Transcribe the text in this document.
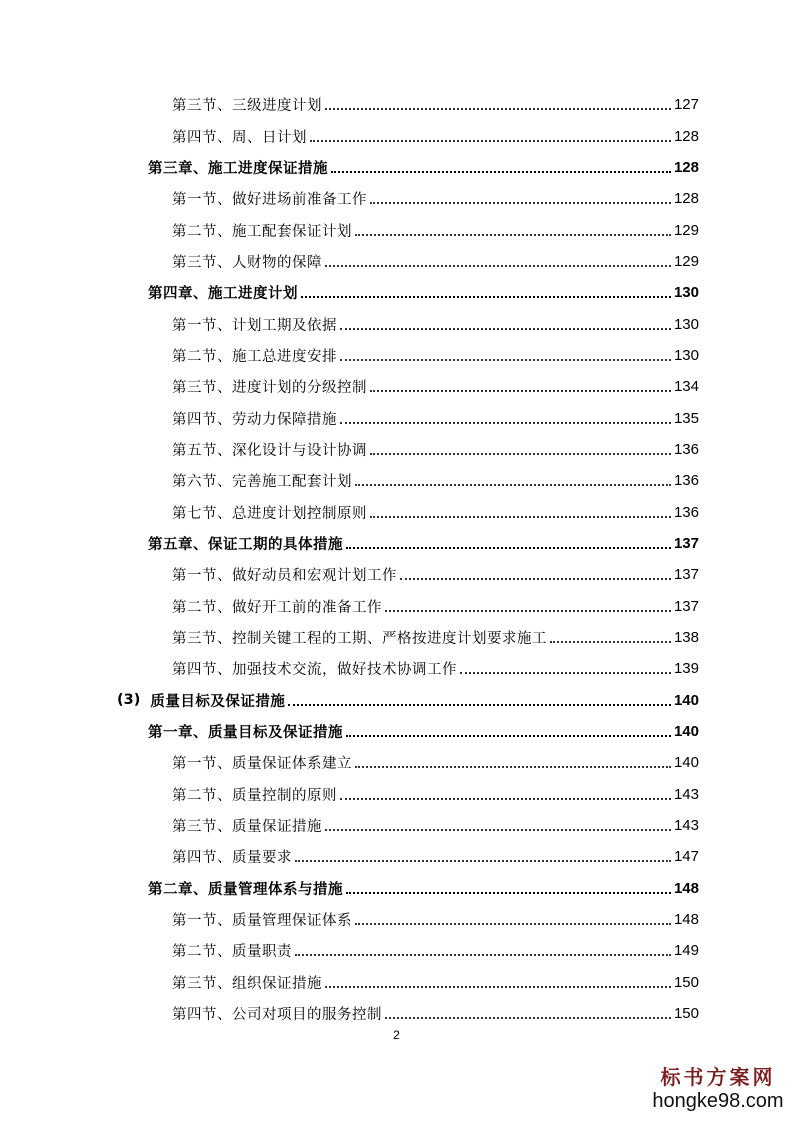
第三节、三级进度计划	127
第四节、周、日计划	128
第三章、施工进度保证措施	128
第一节、做好进场前准备工作	128
第二节、施工配套保证计划	129
第三节、人财物的保障	129
第四章、施工进度计划	130
第一节、计划工期及依据	130
第二节、施工总进度安排	130
第三节、进度计划的分级控制	134
第四节、劳动力保障措施	135
第五节、深化设计与设计协调	136
第六节、完善施工配套计划	136
第七节、总进度计划控制原则	136
第五章、保证工期的具体措施	137
第一节、做好动员和宏观计划工作	137
第二节、做好开工前的准备工作	137
第三节、控制关键工程的工期、严格按进度计划要求施工	138
第四节、加强技术交流，做好技术协调工作	139
(3) 质量目标及保证措施	140
第一章、质量目标及保证措施	140
第一节、质量保证体系建立	140
第二节、质量控制的原则	143
第三节、质量保证措施	143
第四节、质量要求	147
第二章、质量管理体系与措施	148
第一节、质量管理保证体系	148
第二节、质量职责	149
第三节、组织保证措施	150
第四节、公司对项目的服务控制	150
2
标书方案网
hongke98.com
